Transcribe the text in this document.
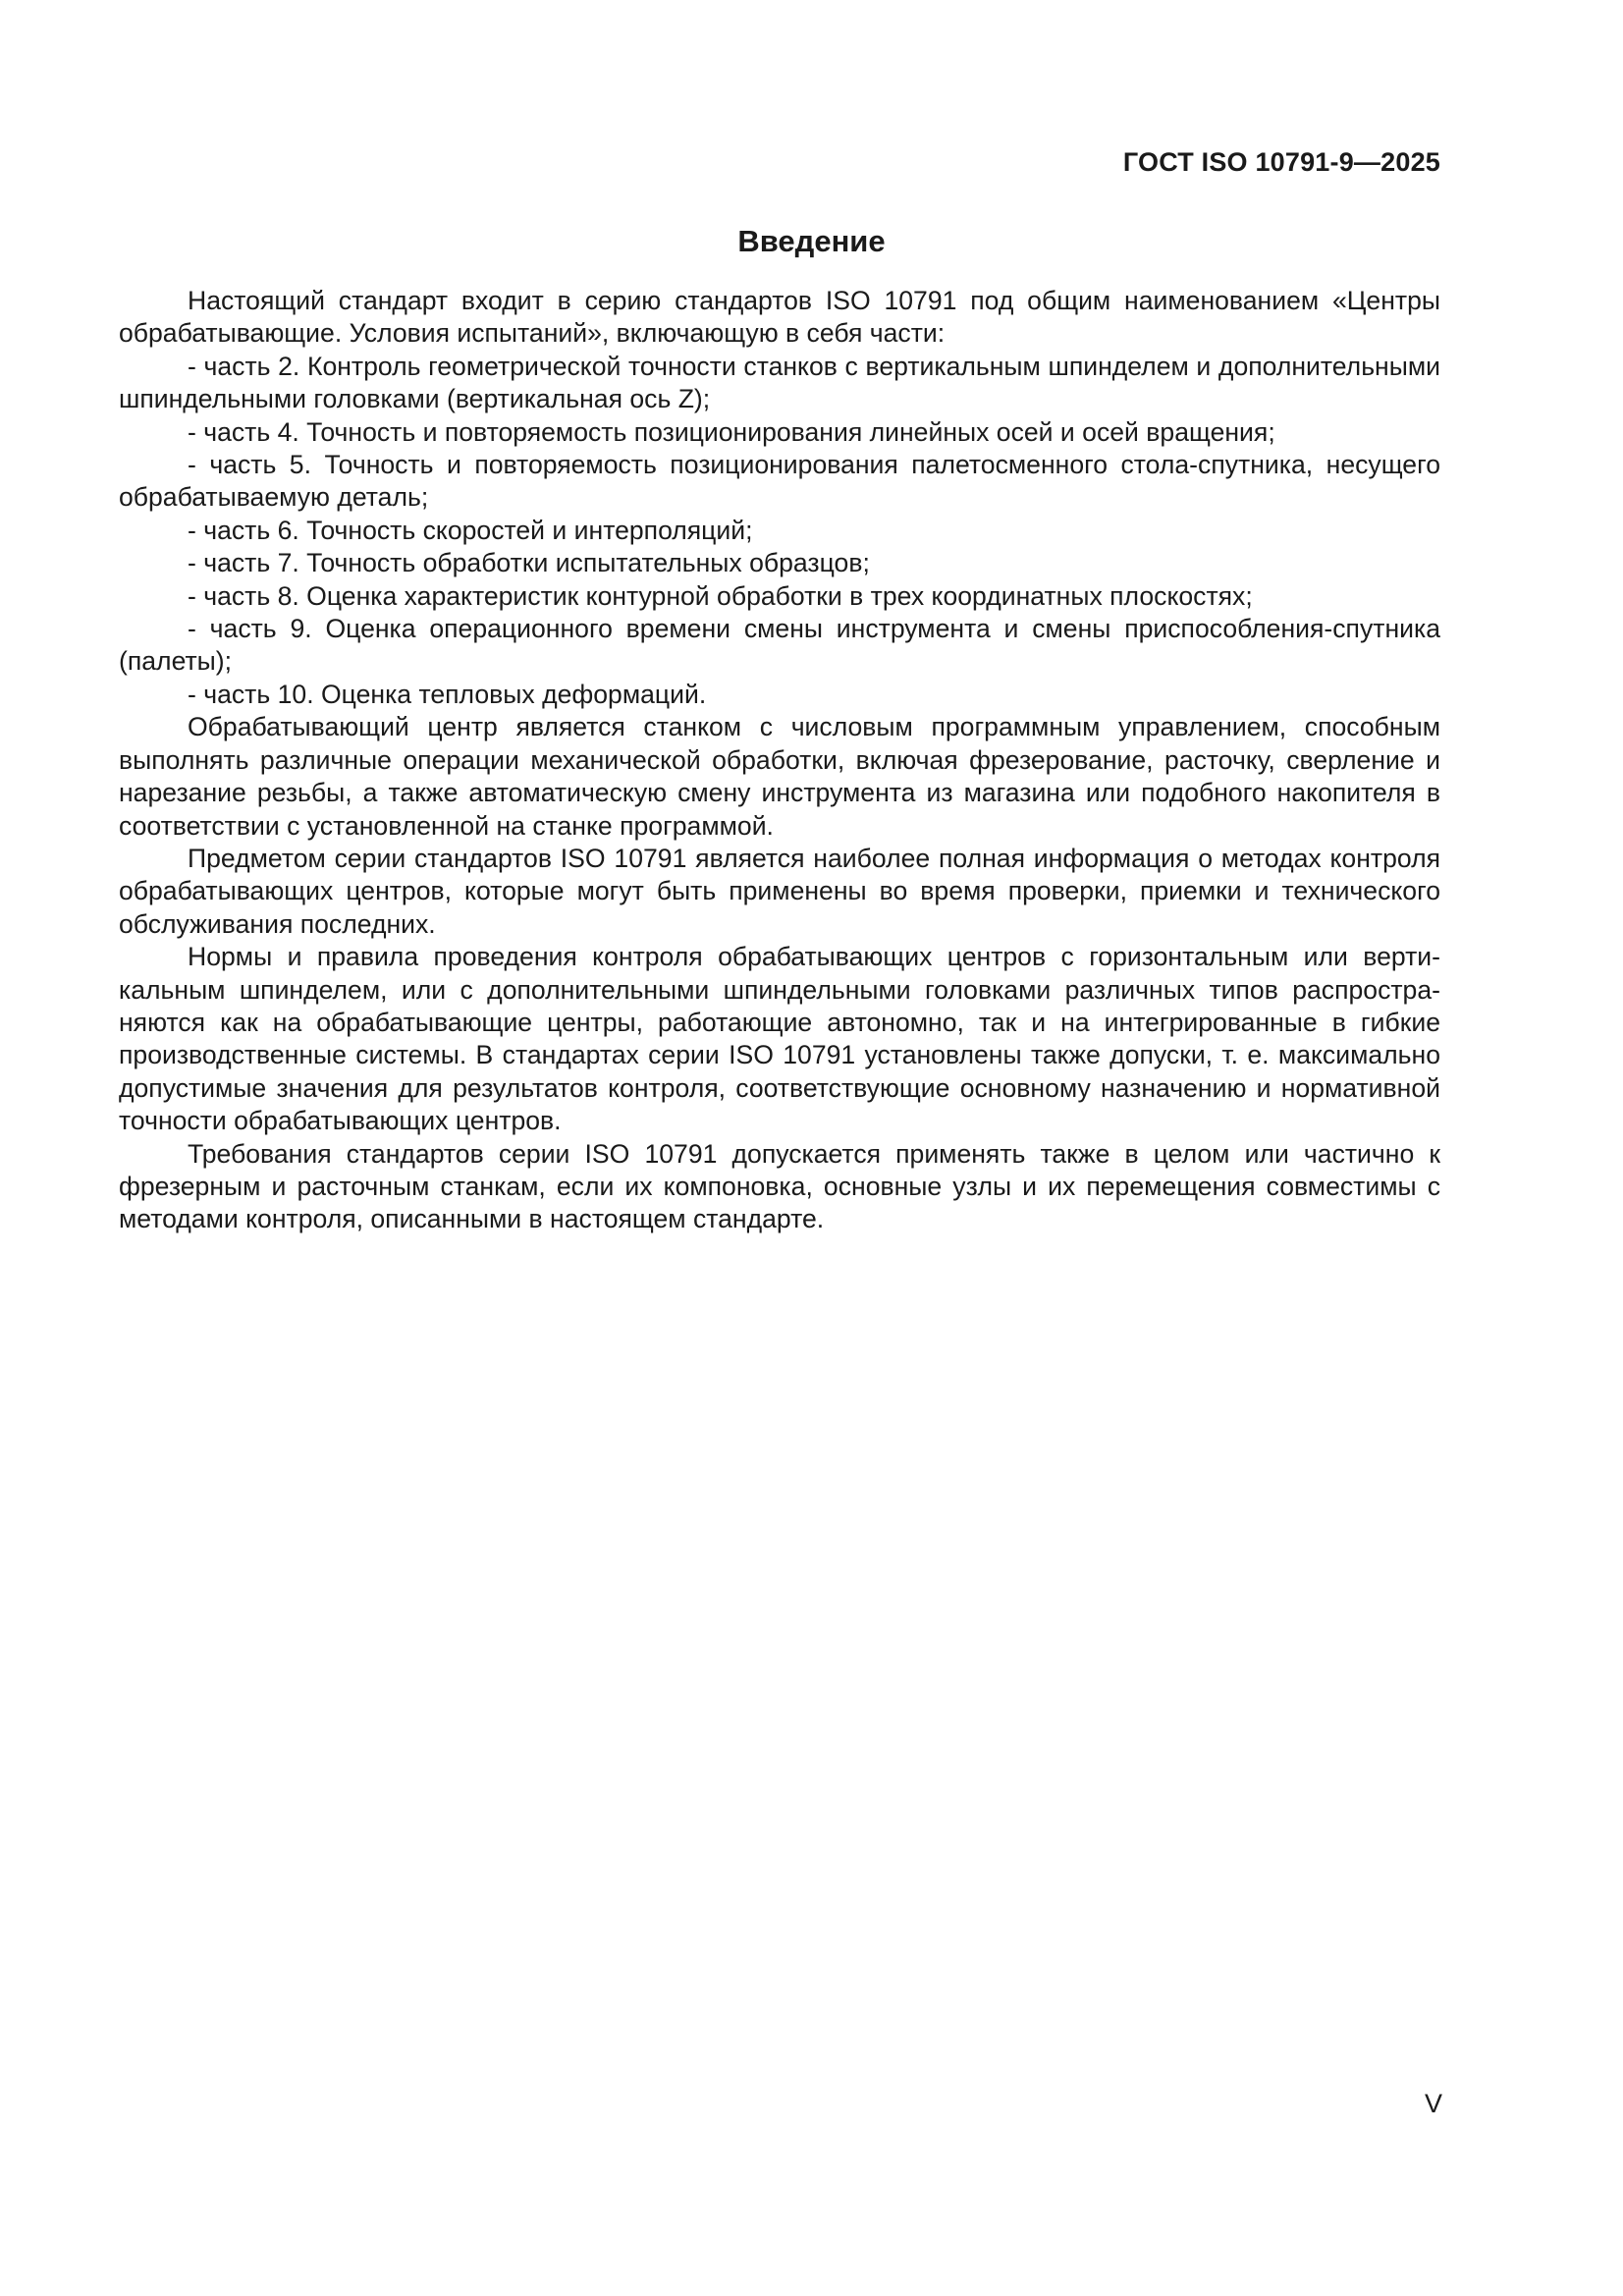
ГОСТ ISO 10791-9—2025
Введение

Настоящий стандарт входит в серию стандартов ISO 10791 под общим наименованием «Центры обрабатывающие. Условия испытаний», включающую в себя части:

- часть 2. Контроль геометрической точности станков с вертикальным шпинделем и дополнительными шпиндельными головками (вертикальная ось Z);

- часть 4. Точность и повторяемость позиционирования линейных осей и осей вращения;

- часть 5. Точность и повторяемость позиционирования палетосменного стола-спутника, несущего обрабатываемую деталь;

- часть 6. Точность скоростей и интерполяций;

- часть 7. Точность обработки испытательных образцов;

- часть 8. Оценка характеристик контурной обработки в трех координатных плоскостях;

- часть 9. Оценка операционного времени смены инструмента и смены приспособления-спутника (палеты);

- часть 10. Оценка тепловых деформаций.

Обрабатывающий центр является станком с числовым программным управлением, способным выполнять различные операции механической обработки, включая фрезерование, расточку, сверление и нарезание резьбы, а также автоматическую смену инструмента из магазина или подобного накопителя в соответствии с установленной на станке программой.

Предметом серии стандартов ISO 10791 является наиболее полная информация о методах контроля обрабатывающих центров, которые могут быть применены во время проверки, приемки и технического обслуживания последних.

Нормы и правила проведения контроля обрабатывающих центров с горизонтальным или вертикальным шпинделем, или с дополнительными шпиндельными головками различных типов распространяются как на обрабатывающие центры, работающие автономно, так и на интегрированные в гибкие производственные системы. В стандартах серии ISO 10791 установлены также допуски, т. е. максимально допустимые значения для результатов контроля, соответствующие основному назначению и нормативной точности обрабатывающих центров.

Требования стандартов серии ISO 10791 допускается применять также в целом или частично к фрезерным и расточным станкам, если их компоновка, основные узлы и их перемещения совместимы с методами контроля, описанными в настоящем стандарте.

V
